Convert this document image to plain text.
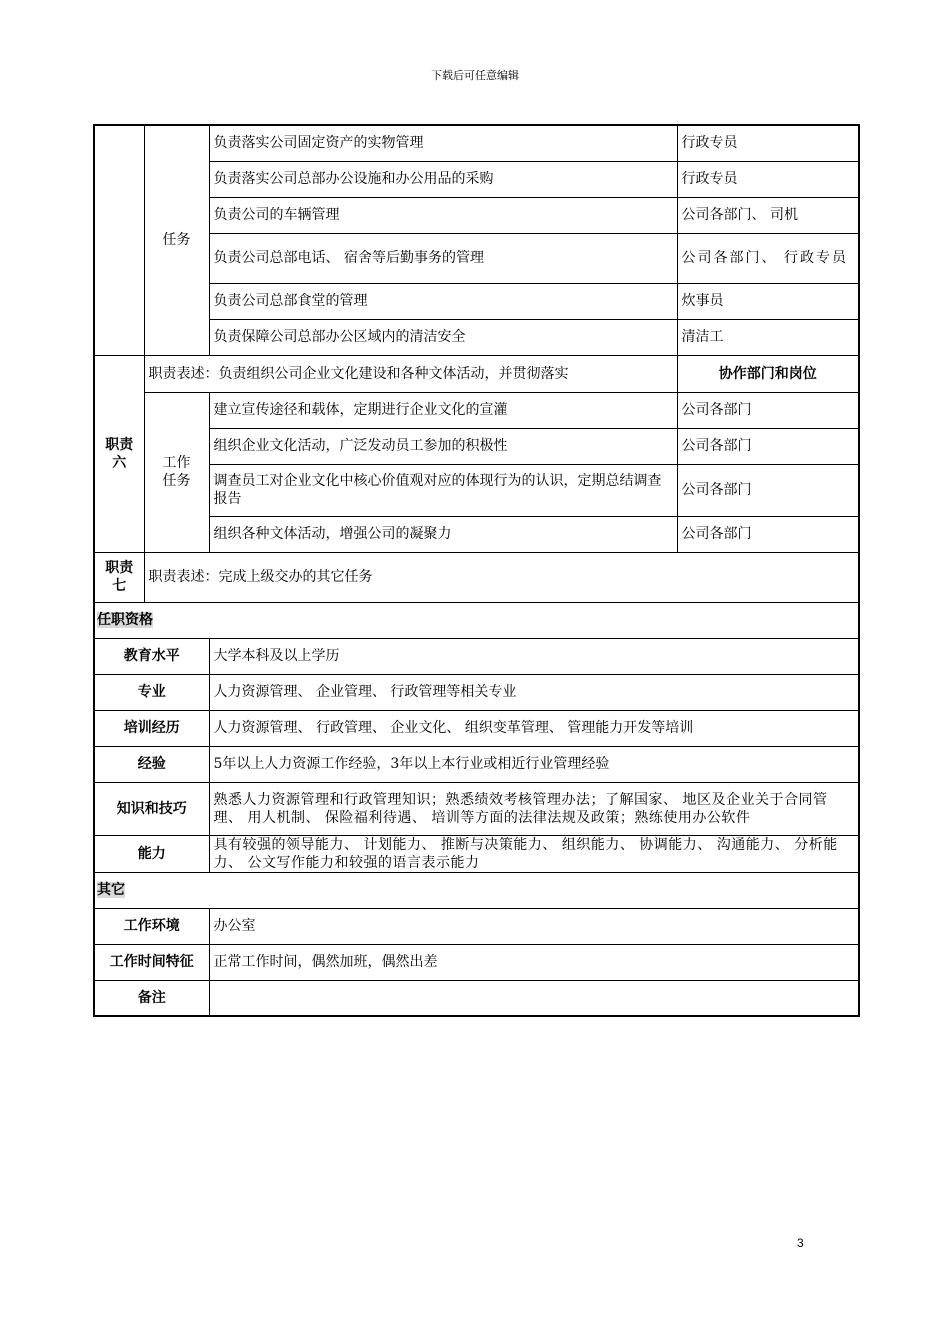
下载后可任意编辑
	任务	负责落实公司固定资产的实物管理	行政专员
		负责落实公司总部办公设施和办公用品的采购	行政专员
		负责公司的车辆管理	公司各部门、 司机
		负责公司总部电话、 宿舍等后勤事务的管理	公司各部门、 行政专员
		负责公司总部食堂的管理	炊事员
		负责保障公司总部办公区域内的清洁安全	清洁工
职责六	职责表述：负责组织公司企业文化建设和各种文体活动，并贯彻落实		协作部门和岗位
	工作任务	建立宣传途径和载体，定期进行企业文化的宣灌	公司各部门
		组织企业文化活动，广泛发动员工参加的积极性	公司各部门
		调查员工对企业文化中核心价值观对应的体现行为的认识，定期总结调查报告	公司各部门
		组织各种文体活动，增强公司的凝聚力	公司各部门
职责七	职责表述：完成上级交办的其它任务		
任职资格			
教育水平		大学本科及以上学历	
专业		人力资源管理、 企业管理、 行政管理等相关专业	
培训经历		人力资源管理、 行政管理、 企业文化、 组织变革管理、 管理能力开发等培训	
经验		5年以上人力资源工作经验，3年以上本行业或相近行业管理经验	
知识和技巧		熟悉人力资源管理和行政管理知识；熟悉绩效考核管理办法；了解国家、 地区及企业关于合同管理、 用人机制、 保险福利待遇、 培训等方面的法律法规及政策；熟练使用办公软件	
能力		具有较强的领导能力、 计划能力、 推断与决策能力、 组织能力、 协调能力、 沟通能力、 分析能力、 公文写作能力和较强的语言表示能力	
其它			
工作环境		办公室	
工作时间特征		正常工作时间，偶然加班，偶然出差	
备注			
3
